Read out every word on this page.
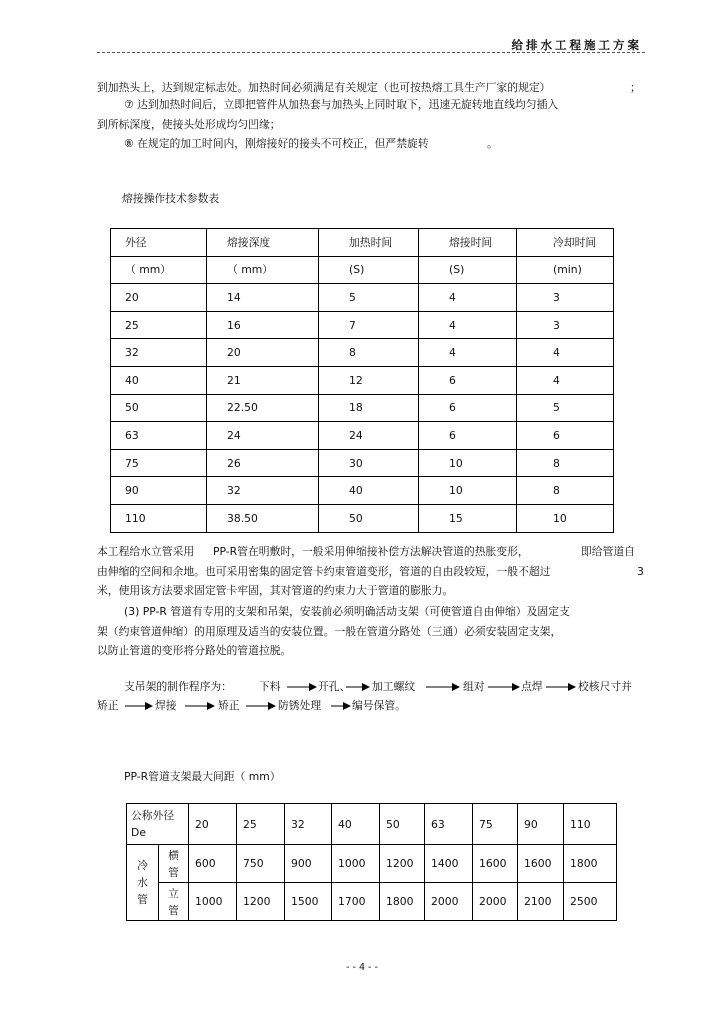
给排水工程施工方案
到加热头上，达到规定标志处。加热时间必须满足有关规定（也可按热熔工具生产厂家的规定）	；
⑦ 达到加热时间后，立即把管件从加热套与加热头上同时取下，迅速无旋转地直线均匀插入
到所标深度，使接头处形成均匀凹缘；
⑧ 在规定的加工时间内，刚熔接好的接头不可校正，但严禁旋转	。
熔接操作技术参数表
外径	熔接深度	加热时间	熔接时间	冷却时间
（ mm）	（ mm）	(S)	(S)	(min)
20	14	5	4	3
25	16	7	4	3
32	20	8	4	4
40	21	12	6	4
50	22.50	18	6	5
63	24	24	6	6
75	26	30	10	8
90	32	40	10	8
110	38.50	50	15	10
本工程给水立管采用 PP-R管在明敷时，一般采用伸缩接补偿方法解决管道的热胀变形，	即给管道自
由伸缩的空间和余地。也可采用密集的固定管卡约束管道变形，管道的自由段较短，一般不超过	3
米，使用该方法要求固定管卡牢固，其对管道的约束力大于管道的膨胀力。
(3) PP-R 管道有专用的支架和吊架，安装前必须明确活动支架（可使管道自由伸缩）及固定支
架（约束管道伸缩）的用原理及适当的安装位置。一般在管道分路处（三通）必须安装固定支架，
以防止管道的变形将分路处的管道拉脱。
支吊架的制作程序为：	下料	开孔、 加工螺纹	组对	点焊	校核尺寸并
矫正	焊接	矫正	防锈处理	编号保管。
PP-R管道支架最大间距（ mm）
公称外径 De		20	25	32	40	50	63	75	90	110
冷水管	横管	600	750	900	1000	1200	1400	1600	1600	1800
	立管	1000	1200	1500	1700	1800	2000	2000	2100	2500
- - 4 - -
